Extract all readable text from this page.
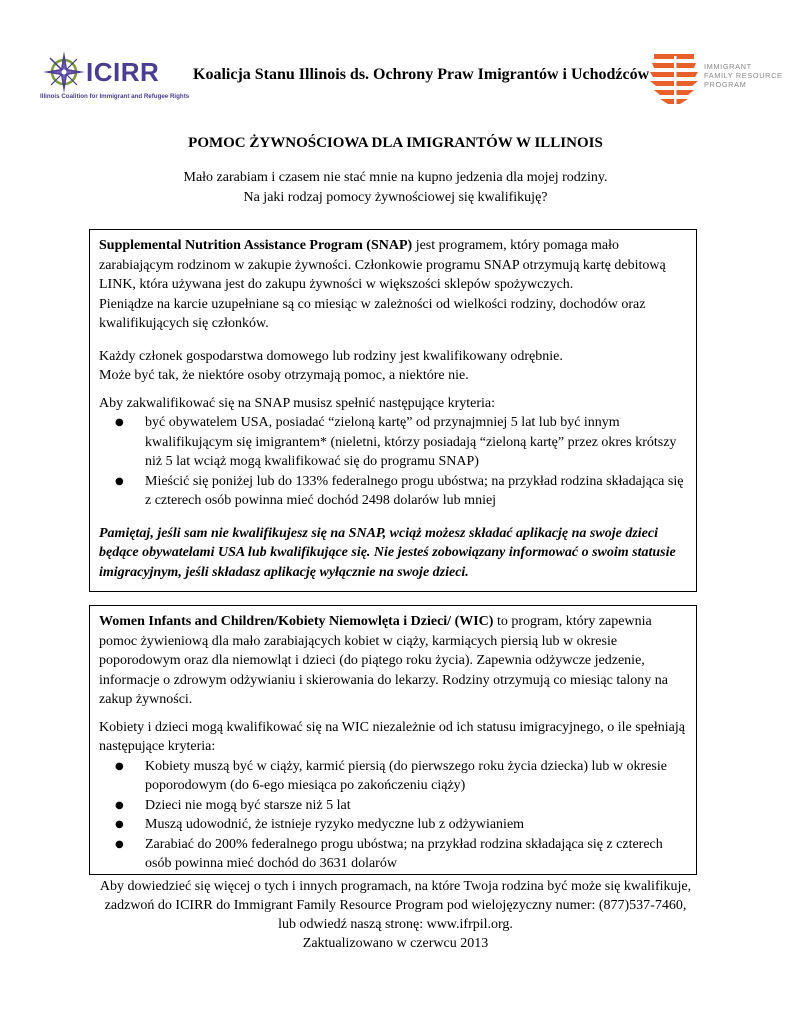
ICIRR
Illinois Coalition for Immigrant and Refugee Rights
Koalicja Stanu Illinois ds. Ochrony Praw Imigrantów i Uchodźców	IMMIGRANT
FAMILY RESOURCE
PROGRAM
POMOC ŻYWNOŚCIOWA DLA IMIGRANTÓW W ILLINOIS
Mało zarabiam i czasem nie stać mnie na kupno jedzenia dla mojej rodziny.
Na jaki rodzaj pomocy żywnościowej się kwalifikuję?

Supplemental Nutrition Assistance Program (SNAP) jest programem, który pomaga mało zarabiającym rodzinom w zakupie żywności. Członkowie programu SNAP otrzymują kartę debitową LINK, która używana jest do zakupu żywności w większości sklepów spożywczych.
Pieniądze na karcie uzupełniane są co miesiąc w zależności od wielkości rodziny, dochodów oraz kwalifikujących się członków.

Każdy członek gospodarstwa domowego lub rodziny jest kwalifikowany odrębnie.
Może być tak, że niektóre osoby otrzymają pomoc, a niektóre nie.

Aby zakwalifikować się na SNAP musisz spełnić następujące kryteria:

● być obywatelem USA, posiadać “zieloną kartę” od przynajmniej 5 lat lub być innym kwalifikującym się imigrantem* (nieletni, którzy posiadają “zieloną kartę” przez okres krótszy niż 5 lat wciąż mogą kwalifikować się do programu SNAP)
● Mieścić się poniżej lub do 133% federalnego progu ubóstwa; na przykład rodzina składająca się z czterech osób powinna mieć dochód 2498 dolarów lub mniej

Pamiętaj, jeśli sam nie kwalifikujesz się na SNAP, wciąż możesz składać aplikację na swoje dzieci będące obywatelami USA lub kwalifikujące się. Nie jesteś zobowiązany informować o swoim statusie imigracyjnym, jeśli składasz aplikację wyłącznie na swoje dzieci.

Women Infants and Children/Kobiety Niemowlęta i Dzieci/ (WIC) to program, który zapewnia pomoc żywieniową dla mało zarabiających kobiet w ciąży, karmiących piersią lub w okresie poporodowym oraz dla niemowląt i dzieci (do piątego roku życia). Zapewnia odżywcze jedzenie, informacje o zdrowym odżywianiu i skierowania do lekarzy. Rodziny otrzymują co miesiąc talony na zakup żywności.

Kobiety i dzieci mogą kwalifikować się na WIC niezależnie od ich statusu imigracyjnego, o ile spełniają następujące kryteria:

● Kobiety muszą być w ciąży, karmić piersią (do pierwszego roku życia dziecka) lub w okresie poporodowym (do 6-ego miesiąca po zakończeniu ciąży)
● Dzieci nie mogą być starsze niż 5 lat
● Muszą udowodnić, że istnieje ryzyko medyczne lub z odżywianiem
● Zarabiać do 200% federalnego progu ubóstwa; na przykład rodzina składająca się z czterech osób powinna mieć dochód do 3631 dolarów
Aby dowiedzieć się więcej o tych i innych programach, na które Twoja rodzina być może się kwalifikuje,
zadzwoń do ICIRR do Immigrant Family Resource Program pod wielojęzyczny numer: (877)537-7460,
lub odwiedź naszą stronę: www.ifrpil.org.
Zaktualizowano w czerwcu 2013
